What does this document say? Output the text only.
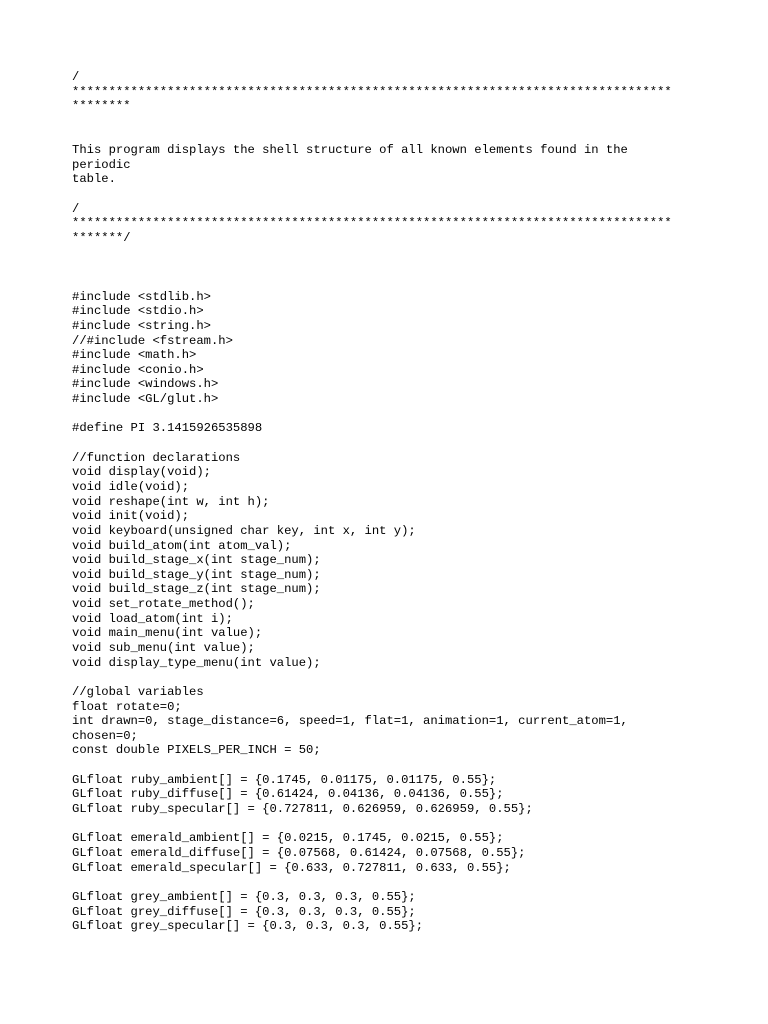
/
**********************************************************************************
********
This program displays the shell structure of all known elements found in the
periodic
table.
/
**********************************************************************************
*******/
#include <stdlib.h>
#include <stdio.h>
#include <string.h>
//#include <fstream.h>
#include <math.h>
#include <conio.h>
#include <windows.h>
#include <GL/glut.h>
#define PI 3.1415926535898
//function declarations
void display(void);
void idle(void);
void reshape(int w, int h);
void init(void);
void keyboard(unsigned char key, int x, int y);
void build_atom(int atom_val);
void build_stage_x(int stage_num);
void build_stage_y(int stage_num);
void build_stage_z(int stage_num);
void set_rotate_method();
void load_atom(int i);
void main_menu(int value);
void sub_menu(int value);
void display_type_menu(int value);
//global variables
float rotate=0;
int drawn=0, stage_distance=6, speed=1, flat=1, animation=1, current_atom=1,
chosen=0;
const double PIXELS_PER_INCH = 50;
GLfloat ruby_ambient[] = {0.1745, 0.01175, 0.01175, 0.55};
GLfloat ruby_diffuse[] = {0.61424, 0.04136, 0.04136, 0.55};
GLfloat ruby_specular[] = {0.727811, 0.626959, 0.626959, 0.55};
GLfloat emerald_ambient[] = {0.0215, 0.1745, 0.0215, 0.55};
GLfloat emerald_diffuse[] = {0.07568, 0.61424, 0.07568, 0.55};
GLfloat emerald_specular[] = {0.633, 0.727811, 0.633, 0.55};
GLfloat grey_ambient[] = {0.3, 0.3, 0.3, 0.55};
GLfloat grey_diffuse[] = {0.3, 0.3, 0.3, 0.55};
GLfloat grey_specular[] = {0.3, 0.3, 0.3, 0.55};
